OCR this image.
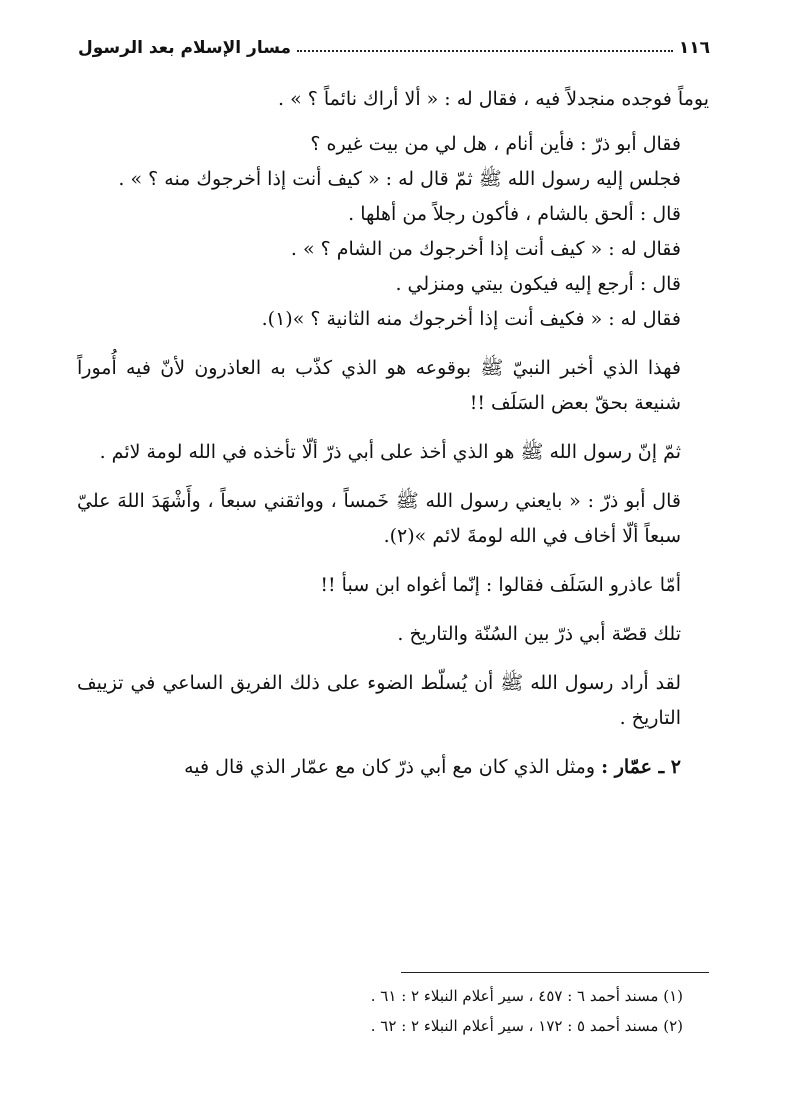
١١٦
مسار الإسلام بعد الرسول

يوماً فوجده منجدلاً فيه ، فقال له : « ألا أراك نائماً ؟ » .

فقال أبو ذرّ : فأين أنام ، هل لي من بيت غيره ؟

فجلس إليه رسول الله ﷺ ثمّ قال له : « كيف أنت إذا أخرجوك منه ؟ » .

قال : ألحق بالشام ، فأكون رجلاً من أهلها .

فقال له : « كيف أنت إذا أخرجوك من الشام ؟ » .

قال : أرجع إليه فيكون بيتي ومنزلي .

فقال له : « فكيف أنت إذا أخرجوك منه الثانية ؟ »(١).

فهذا الذي أخبر النبيّ ﷺ بوقوعه هو الذي كذّب به العاذرون لأنّ فيه أُموراً شنيعة بحقّ بعض السَلَف !!

ثمّ إنّ رسول الله ﷺ هو الذي أخذ على أبي ذرّ ألّا تأخذه في الله لومة لائم .

قال أبو ذرّ : « بايعني رسول الله ﷺ خَمساً ، وواثقني سبعاً ، وأَشْهَدَ اللهَ عليّ سبعاً ألّا أخاف في الله لومةَ لائم »(٢).

أمّا عاذرو السَلَف فقالوا : إنّما أغواه ابن سبأ !!

تلك قصّة أبي ذرّ بين السُنّة والتاريخ .

لقد أراد رسول الله ﷺ أن يُسلّط الضوء على ذلك الفريق الساعي في تزييف التاريخ .

٢ ـ عمّار : ومثل الذي كان مع أبي ذرّ كان مع عمّار الذي قال فيه

(١) مسند أحمد ٦ : ٤٥٧ ، سير أعلام النبلاء ٢ : ٦١ .

(٢) مسند أحمد ٥ : ١٧٢ ، سير أعلام النبلاء ٢ : ٦٢ .
